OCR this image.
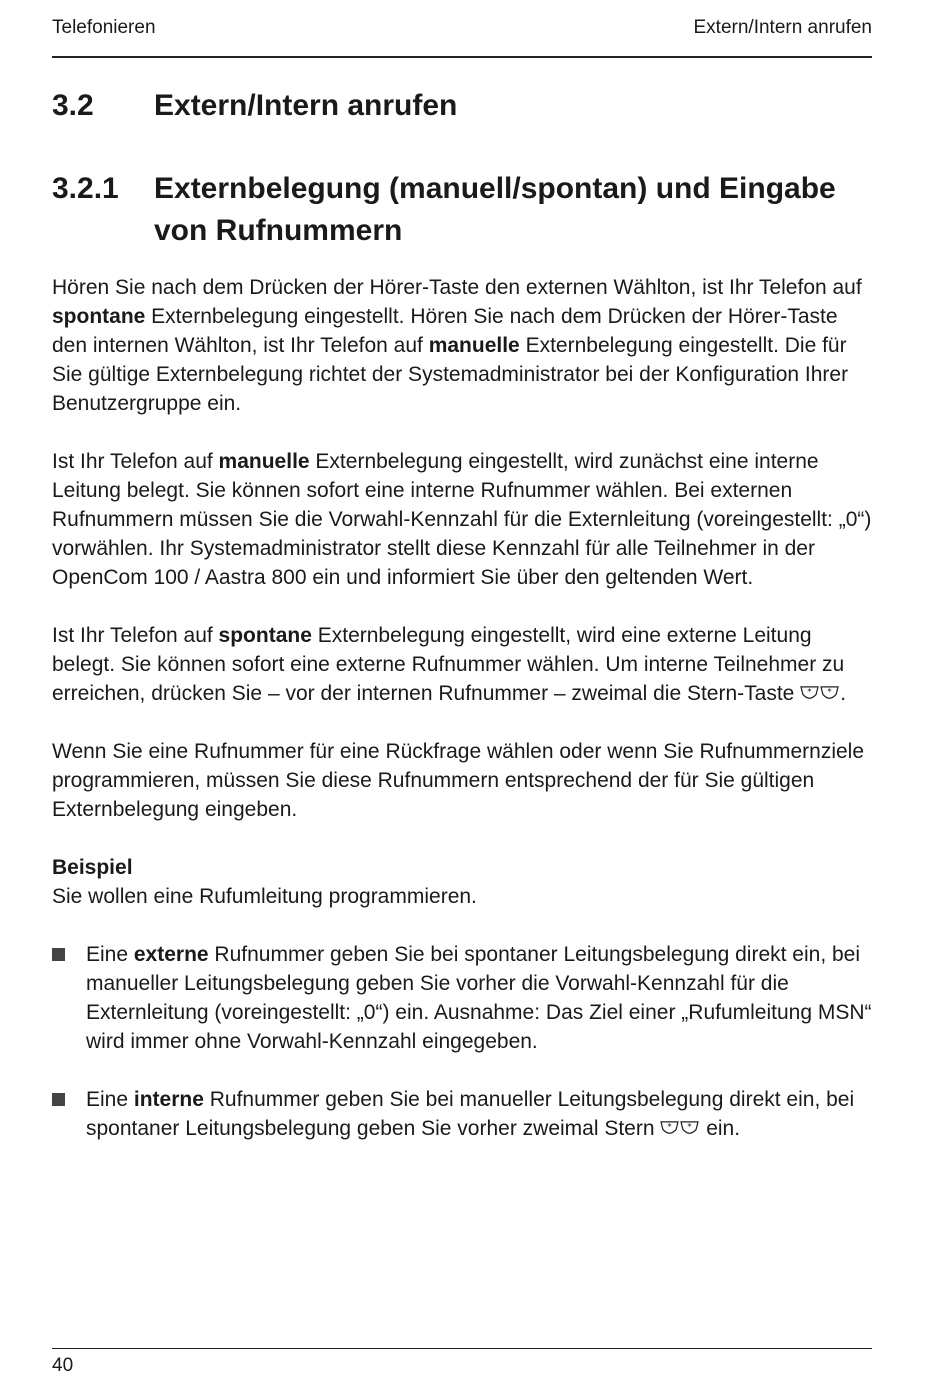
Telefonieren	Extern/Intern anrufen
3.2	Extern/Intern anrufen
3.2.1	Externbelegung (manuell/spontan) und Eingabe von Rufnummern

Hören Sie nach dem Drücken der Hörer-Taste den externen Wählton, ist Ihr Telefon auf spontane Externbelegung eingestellt. Hören Sie nach dem Drücken der Hörer-Taste den internen Wählton, ist Ihr Telefon auf manuelle Externbelegung eingestellt. Die für Sie gültige Externbelegung richtet der Systemadministrator bei der Konfiguration Ihrer Benutzergruppe ein.

Ist Ihr Telefon auf manuelle Externbelegung eingestellt, wird zunächst eine interne Leitung belegt. Sie können sofort eine interne Rufnummer wählen. Bei externen Rufnummern müssen Sie die Vorwahl-Kennzahl für die Externleitung (voreingestellt: „0“) vorwählen. Ihr Systemadministrator stellt diese Kennzahl für alle Teilnehmer in der OpenCom 100 / Aastra 800 ein und informiert Sie über den geltenden Wert.

Ist Ihr Telefon auf spontane Externbelegung eingestellt, wird eine externe Leitung belegt. Sie können sofort eine externe Rufnummer wählen. Um interne Teilnehmer zu erreichen, drücken Sie – vor der internen Rufnummer – zweimal die Stern-Taste * * .

Wenn Sie eine Rufnummer für eine Rückfrage wählen oder wenn Sie Rufnummernziele programmieren, müssen Sie diese Rufnummern entsprechend der für Sie gültigen Externbelegung eingeben.

Beispiel

Sie wollen eine Rufumleitung programmieren.

Eine externe Rufnummer geben Sie bei spontaner Leitungsbelegung direkt ein, bei manueller Leitungsbelegung geben Sie vorher die Vorwahl-Kennzahl für die Externleitung (voreingestellt: „0“) ein. Ausnahme: Das Ziel einer „Rufumleitung MSN“ wird immer ohne Vorwahl-Kennzahl eingegeben.
Eine interne Rufnummer geben Sie bei manueller Leitungsbelegung direkt ein, bei spontaner Leitungsbelegung geben Sie vorher zweimal Stern * * ein.
40
